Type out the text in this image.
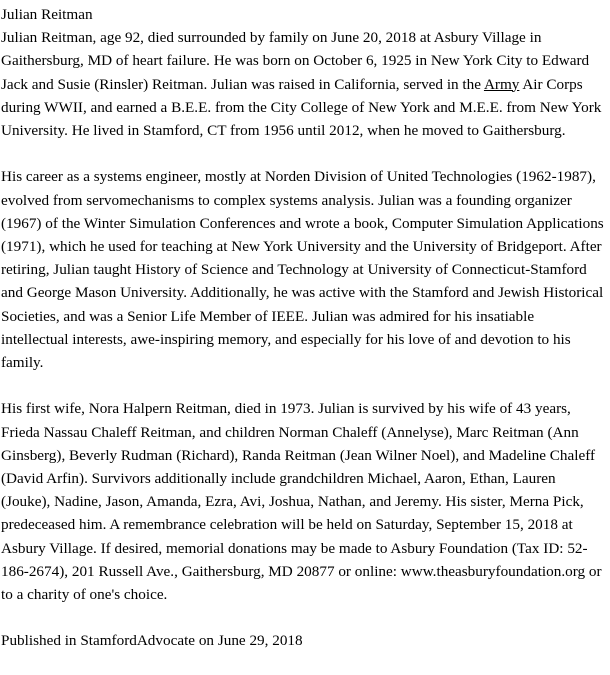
Julian Reitman

Julian Reitman, age 92, died surrounded by family on June 20, 2018 at Asbury Village in Gaithersburg, MD of heart failure. He was born on October 6, 1925 in New York City to Edward Jack and Susie (Rinsler) Reitman. Julian was raised in California, served in the Army Air Corps during WWII, and earned a B.E.E. from the City College of New York and M.E.E. from New York University. He lived in Stamford, CT from 1956 until 2012, when he moved to Gaithersburg.

His career as a systems engineer, mostly at Norden Division of United Technologies (1962-1987), evolved from servomechanisms to complex systems analysis. Julian was a founding organizer (1967) of the Winter Simulation Conferences and wrote a book, Computer Simulation Applications (1971), which he used for teaching at New York University and the University of Bridgeport. After retiring, Julian taught History of Science and Technology at University of Connecticut-Stamford and George Mason University. Additionally, he was active with the Stamford and Jewish Historical Societies, and was a Senior Life Member of IEEE. Julian was admired for his insatiable intellectual interests, awe-inspiring memory, and especially for his love of and devotion to his family.

His first wife, Nora Halpern Reitman, died in 1973. Julian is survived by his wife of 43 years, Frieda Nassau Chaleff Reitman, and children Norman Chaleff (Annelyse), Marc Reitman (Ann Ginsberg), Beverly Rudman (Richard), Randa Reitman (Jean Wilner Noel), and Madeline Chaleff (David Arfin). Survivors additionally include grandchildren Michael, Aaron, Ethan, Lauren (Jouke), Nadine, Jason, Amanda, Ezra, Avi, Joshua, Nathan, and Jeremy. His sister, Merna Pick, predeceased him. A remembrance celebration will be held on Saturday, September 15, 2018 at Asbury Village. If desired, memorial donations may be made to Asbury Foundation (Tax ID: 52-186-2674), 201 Russell Ave., Gaithersburg, MD 20877 or online: www.theasburyfoundation.org or to a charity of one's choice.

Published in StamfordAdvocate on June 29, 2018
